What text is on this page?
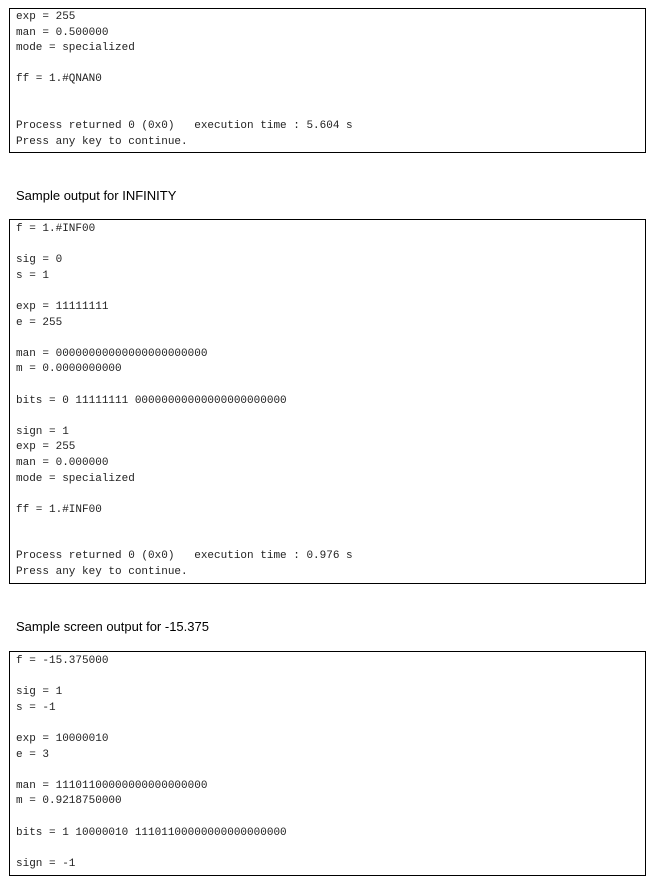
exp = 255
man = 0.500000
mode = specialized
ff = 1.#QNAN0
Process returned 0 (0x0)   execution time : 5.604 s
Press any key to continue.
Sample output for INFINITY
f = 1.#INF00
sig = 0
s = 1
exp = 11111111
e = 255
man = 00000000000000000000000
m = 0.0000000000
bits = 0 11111111 00000000000000000000000
sign = 1
exp = 255
man = 0.000000
mode = specialized
ff = 1.#INF00
Process returned 0 (0x0)   execution time : 0.976 s
Press any key to continue.
Sample screen output for -15.375
f = -15.375000
sig = 1
s = -1
exp = 10000010
e = 3
man = 11101100000000000000000
m = 0.9218750000
bits = 1 10000010 11101100000000000000000
sign = -1
